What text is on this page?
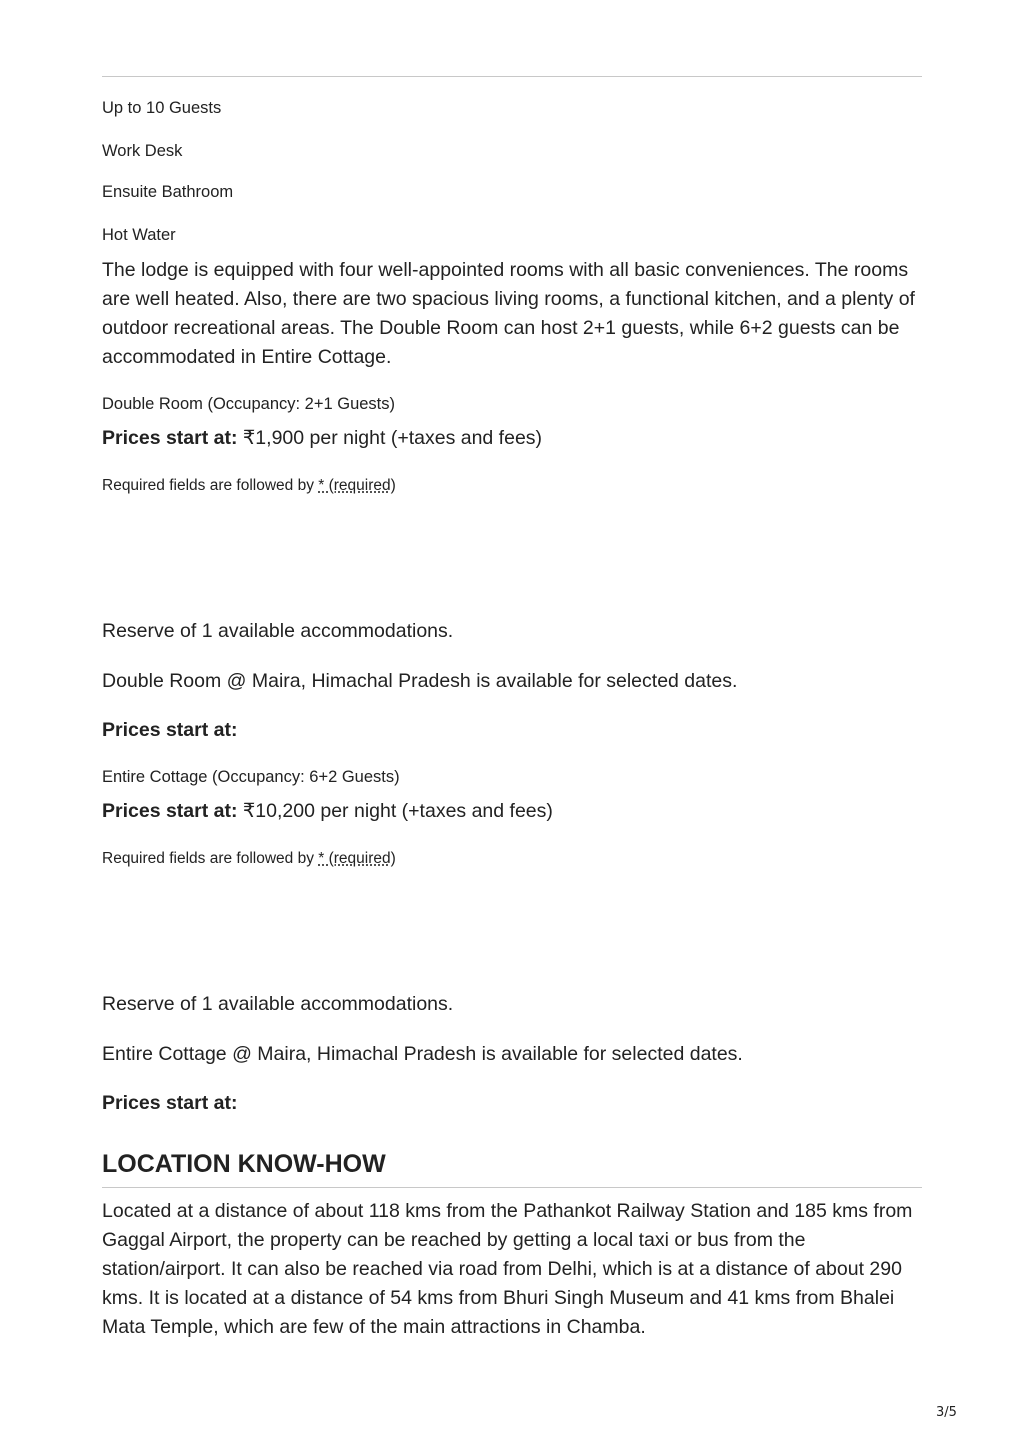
Up to 10 Guests

Work Desk

Ensuite Bathroom

Hot Water

The lodge is equipped with four well-appointed rooms with all basic conveniences. The rooms are well heated. Also, there are two spacious living rooms, a functional kitchen, and a plenty of outdoor recreational areas. The Double Room can host 2+1 guests, while 6+2 guests can be accommodated in Entire Cottage.

Double Room (Occupancy: 2+1 Guests)

Prices start at: ₹1,900 per night (+taxes and fees)

Required fields are followed by * (required)

Reserve of 1 available accommodations.

Double Room @ Maira, Himachal Pradesh is available for selected dates.

Prices start at:

Entire Cottage (Occupancy: 6+2 Guests)

Prices start at: ₹10,200 per night (+taxes and fees)

Required fields are followed by * (required)

Reserve of 1 available accommodations.

Entire Cottage @ Maira, Himachal Pradesh is available for selected dates.

Prices start at:

LOCATION KNOW-HOW

Located at a distance of about 118 kms from the Pathankot Railway Station and 185 kms from Gaggal Airport, the property can be reached by getting a local taxi or bus from the station/airport. It can also be reached via road from Delhi, which is at a distance of about 290 kms. It is located at a distance of 54 kms from Bhuri Singh Museum and 41 kms from Bhalei Mata Temple, which are few of the main attractions in Chamba.

3/5
